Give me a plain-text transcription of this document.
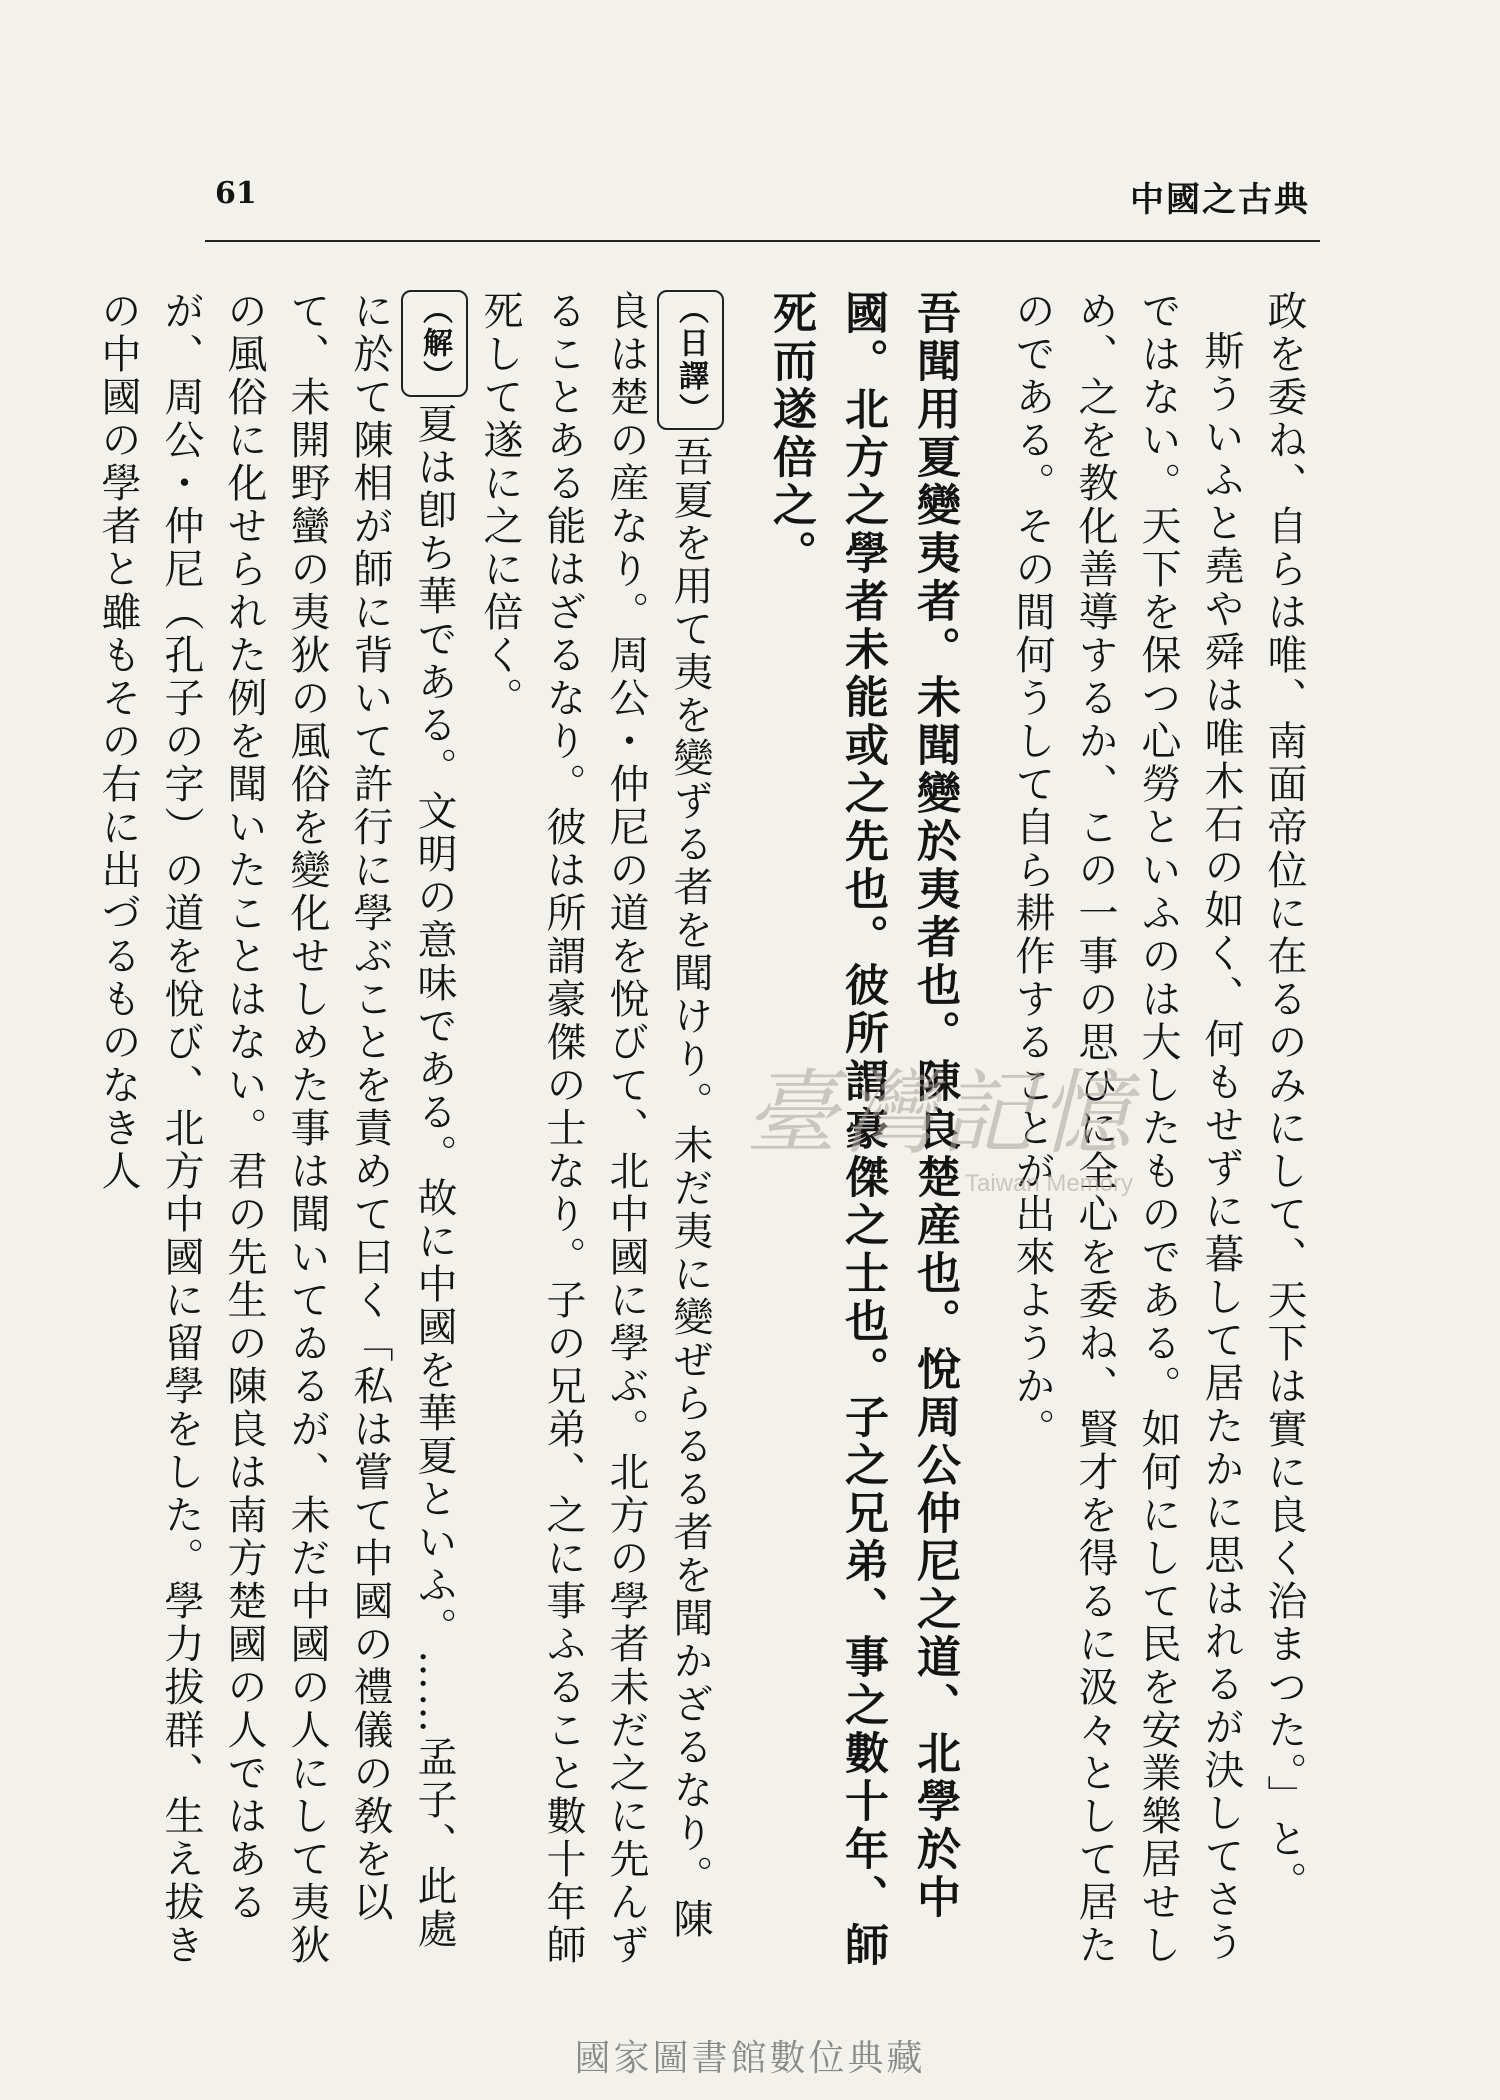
61	中國之古典

政を委ね、自らは唯、南面帝位に在るのみにして、天下は實に良く治まつた。」と。

斯ういふと堯や舜は唯木石の如く、何もせずに暮して居たかに思はれるが決してさうではない。天下を保つ心勞といふのは大したものである。如何にして民を安業樂居せしめ、之を教化善導するか、この一事の思ひに全心を委ね、賢才を得るに汲々として居たのである。その間何うして自ら耕作することが出來ようか。

吾聞用夏變夷者。未聞變於夷者也。陳良楚産也。悅周公仲尼之道、北學於中國。北方之學者未能或之先也。彼所謂豪傑之士也。子之兄弟、事之數十年、師死而遂倍之。

（日譯）吾夏を用て夷を變ずる者を聞けり。未だ夷に變ぜらるる者を聞かざるなり。陳良は楚の産なり。周公・仲尼の道を悅びて、北中國に學ぶ。北方の學者未だ之に先んずることある能はざるなり。彼は所謂豪傑の士なり。子の兄弟、之に事ふること數十年師死して遂に之に倍く。

（解）夏は卽ち華である。文明の意味である。故に中國を華夏といふ。……孟子、此處に於て陳相が師に背いて許行に學ぶことを責めて曰く「私は嘗て中國の禮儀の敎を以て、未開野蠻の夷狄の風俗を變化せしめた事は聞いてゐるが、未だ中國の人にして夷狄の風俗に化せられた例を聞いたことはない。君の先生の陳良は南方楚國の人ではあるが、周公・仲尼（孔子の字）の道を悅び、北方中國に留學をした。學力拔群、生え拔きの中國の學者と雖もその右に出づるものなき人	臺灣記憶
Taiwan Memory
國家圖書館數位典藏
